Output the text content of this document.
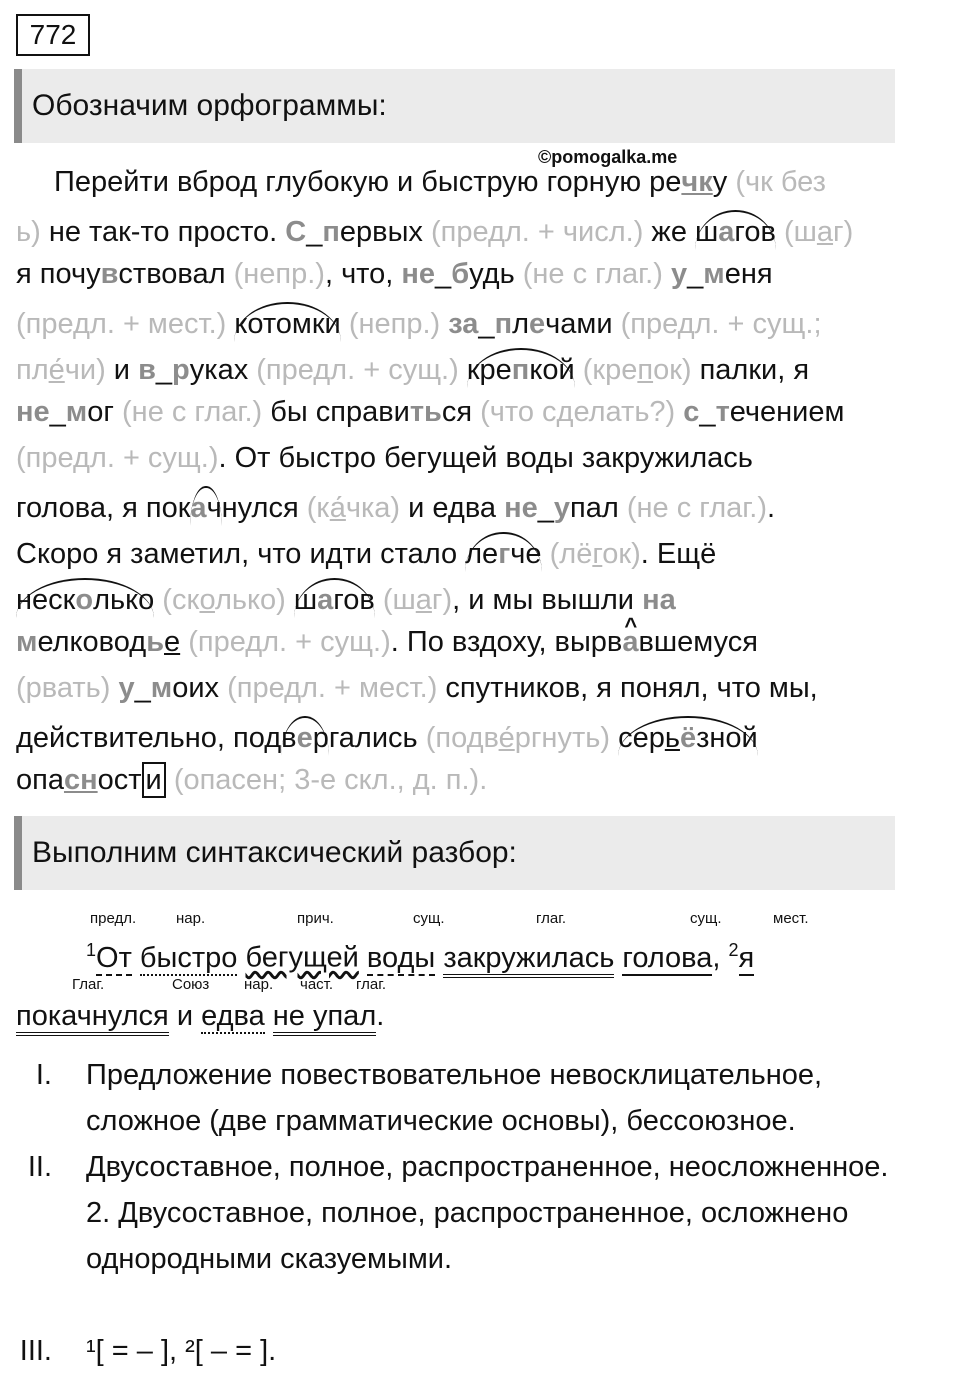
772
Обозначим орфограммы:
©pomogalka.me
Перейти вброд глубокую и быструю горную речку (чк без
ь) не так-то просто. С_первых (предл. + числ.) же шагов (шаг)
я почувствовал (непр.), что, не_будь (не с глаг.) у_меня
(предл. + мест.) котомки (непр.) за_плечами (предл. + сущ.;
пле́чи) и в_руках (предл. + сущ.) крепкой (крепок) палки, я
не_мог (не с глаг.) бы справиться (что сделать?) с_течением
(предл. + сущ.). От быстро бегущей воды закружилась
голова, я покачнулся (ка́чка) и едва не_упал (не с глаг.).
Скоро я заметил, что идти стало легче (лёгок). Ещё
несколько (сколько) шагов (шаг), и мы вышли на
мелководье (предл. + сущ.). По вздоху, вырв^ авшемуся
(рвать) у_моих (предл. + мест.) спутников, я понял, что мы,
действительно, подвергались (подве́ргнуть) серьёзной
опасност и (опасен; 3-е скл., д. п.).
Выполним синтаксический разбор:
предл.	нар.	прич.	сущ.	глаг.	сущ.	мест.
$^1$От быстро бегущей воды закружилась голова, $^2$я
Глаг.	Союз нар. част. глаг.
покачнулся и едва не упал.
I. Предложение повествовательное невосклицательное, сложное (две грамматические основы), бессоюзное.
II. Двусоставное, полное, распространенное, неосложненное. 2. Двусоставное, полное, распространенное, осложнено однородными сказуемыми.
III. ¹[ = – ], ²[ – = ].
